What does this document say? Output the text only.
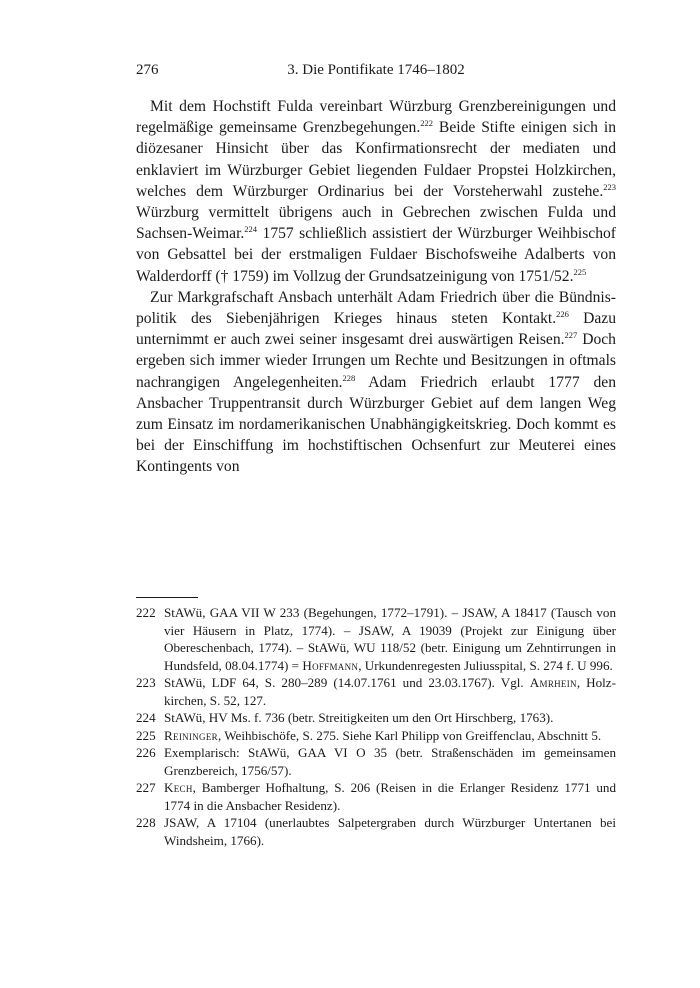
276	3. Die Pontifikate 1746–1802

Mit dem Hochstift Fulda vereinbart Würzburg Grenzbereinigungen und regelmäßige gemeinsame Grenzbegehungen.$^{222}$ Beide Stifte einigen sich in diözesaner Hinsicht über das Konfirmationsrecht der mediaten und enklaviert im Würzburger Gebiet liegenden Fuldaer Propstei Holzkirchen, welches dem Würzburger Ordinarius bei der Vorsteherwahl zustehe.$^{223}$ Würzburg vermittelt übrigens auch in Gebrechen zwischen Fulda und Sachsen-Weimar.$^{224}$ 1757 schließlich assistiert der Würzburger Weihbischof von Gebsattel bei der erstmaligen Fuldaer Bischofsweihe Adalberts von Walderdorff († 1759) im Vollzug der Grundsatzeinigung von 1751/52.$^{225}$

Zur Markgrafschaft Ansbach unterhält Adam Friedrich über die Bündnispolitik des Siebenjährigen Krieges hinaus steten Kontakt.$^{226}$ Dazu unternimmt er auch zwei seiner insgesamt drei auswärtigen Reisen.$^{227}$ Doch ergeben sich immer wieder Irrungen um Rechte und Besitzungen in oftmals nachrangigen Angelegenheiten.$^{228}$ Adam Friedrich erlaubt 1777 den Ansbacher Truppentransit durch Würzburger Gebiet auf dem langen Weg zum Einsatz im nordamerikanischen Unabhängigkeitskrieg. Doch kommt es bei der Einschiffung im hochstiftischen Ochsenfurt zur Meuterei eines Kontingents von

222 StAWü, GAA VII W 233 (Begehungen, 1772–1791). – JSAW, A 18417 (Tausch von vier Häusern in Platz, 1774). – JSAW, A 19039 (Projekt zur Einigung über Obereschenbach, 1774). – StAWü, WU 118/52 (betr. Einigung um Zehntirrungen in Hundsfeld, 08.04.1774) = Hoffmann, Urkundenregesten Juliusspital, S. 274 f. U 996.
223 StAWü, LDF 64, S. 280–289 (14.07.1761 und 23.03.1767). Vgl. Amrhein, Holzkirchen, S. 52, 127.
224 StAWü, HV Ms. f. 736 (betr. Streitigkeiten um den Ort Hirschberg, 1763).
225 Reininger, Weihbischöfe, S. 275. Siehe Karl Philipp von Greiffenclau, Abschnitt 5.
226 Exemplarisch: StAWü, GAA VI O 35 (betr. Straßenschäden im gemeinsamen Grenzbereich, 1756/57).
227 Kech, Bamberger Hofhaltung, S. 206 (Reisen in die Erlanger Residenz 1771 und 1774 in die Ansbacher Residenz).
228 JSAW, A 17104 (unerlaubtes Salpetergraben durch Würzburger Untertanen bei Windsheim, 1766).
